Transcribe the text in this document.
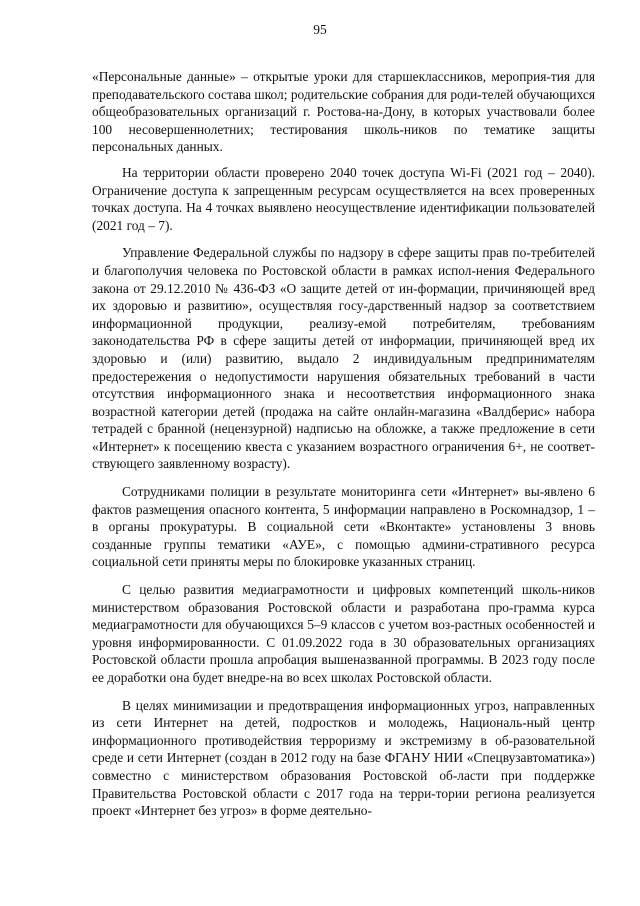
95

«Персональные данные» – открытые уроки для старшеклассников, мероприя-тия для преподавательского состава школ; родительские собрания для роди-телей обучающихся общеобразовательных организаций г. Ростова-на-Дону, в которых участвовали более 100 несовершеннолетних; тестирования школь-ников по тематике защиты персональных данных.

На территории области проверено 2040 точек доступа Wi-Fi (2021 год – 2040). Ограничение доступа к запрещенным ресурсам осуществляется на всех проверенных точках доступа. На 4 точках выявлено неосуществление идентификации пользователей (2021 год – 7).

Управление Федеральной службы по надзору в сфере защиты прав по-требителей и благополучия человека по Ростовской области в рамках испол-нения Федерального закона от 29.12.2010 № 436-ФЗ «О защите детей от ин-формации, причиняющей вред их здоровью и развитию», осуществляя госу-дарственный надзор за соответствием информационной продукции, реализу-емой потребителям, требованиям законодательства РФ в сфере защиты детей от информации, причиняющей вред их здоровью и (или) развитию, выдало 2 индивидуальным предпринимателям предостережения о недопустимости нарушения обязательных требований в части отсутствия информационного знака и несоответствия информационного знака возрастной категории детей (продажа на сайте онлайн-магазина «Валдберис» набора тетрадей с бранной (нецензурной) надписью на обложке, а также предложение в сети «Интернет» к посещению квеста с указанием возрастного ограничения 6+, не соответ-ствующего заявленному возрасту).

Сотрудниками полиции в результате мониторинга сети «Интернет» вы-явлено 6 фактов размещения опасного контента, 5 информации направлено в Роскомнадзор, 1 – в органы прокуратуры. В социальной сети «Вконтакте» установлены 3 вновь созданные группы тематики «АУЕ», с помощью админи-стративного ресурса социальной сети приняты меры по блокировке указанных страниц.

С целью развития медиаграмотности и цифровых компетенций школь-ников министерством образования Ростовской области и разработана про-грамма курса медиаграмотности для обучающихся 5–9 классов с учетом воз-растных особенностей и уровня информированности. С 01.09.2022 года в 30 образовательных организациях Ростовской области прошла апробация вышеназванной программы. В 2023 году после ее доработки она будет внедре-на во всех школах Ростовской области.

В целях минимизации и предотвращения информационных угроз, направленных из сети Интернет на детей, подростков и молодежь, Националь-ный центр информационного противодействия терроризму и экстремизму в об-разовательной среде и сети Интернет (создан в 2012 году на базе ФГАНУ НИИ «Спецвузавтоматика») совместно с министерством образования Ростовской об-ласти при поддержке Правительства Ростовской области с 2017 года на терри-тории региона реализуется проект «Интернет без угроз» в форме деятельно-
